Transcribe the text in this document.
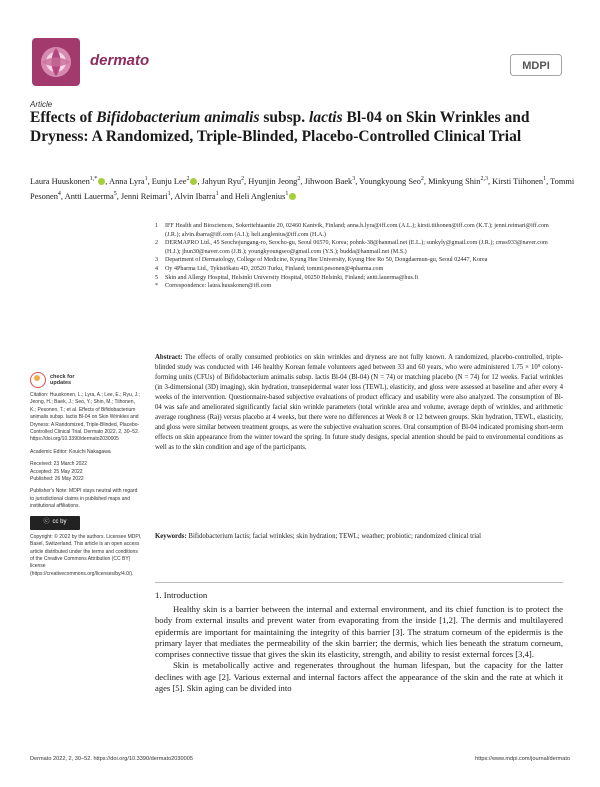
dermato	MDPI
Article
Effects of Bifidobacterium animalis subsp. lactis Bl-04 on Skin Wrinkles and Dryness: A Randomized, Triple-Blinded, Placebo-Controlled Clinical Trial
Laura Huuskonen$^{1,*}$ , Anna Lyra$^1$, Eunju Lee$^2$ , Jahyun Ryu$^2$, Hyunjin Jeong$^2$, Jihwoon Baek$^3$, Youngkyoung Seo$^2$, Minkyung Shin$^{2,3}$, Kirsti Tiihonen$^1$, Tommi Pesonen$^4$, Antti Lauerma$^5$, Jenni Reimari$^1$, Alvin Ibarra$^1$ and Heli Anglenius$^1$
1 IFF Health and Biosciences, Sokeritehtaantie 20, 02460 Kantvik, Finland; anna.h.lyra@iff.com (A.L.); kirsti.tiihonen@iff.com (K.T.); jenni.reimari@iff.com (J.R.); alvin.ibarra@iff.com (A.I.); heli.anglenius@iff.com (H.A.)
2 DERMAPRO Ltd., 45 Seochojungang-ro, Seocho-gu, Seoul 06570, Korea; pohnk-38@hanmail.net (E.L.); sunkyly@gmail.com (J.R.); cmss933@naver.com (H.J.); jhun30@naver.com (J.B.); youngkyoungseo@gmail.com (Y.S.); budda@hanmail.net (M.S.)
3 Department of Dermatology, College of Medicine, Kyung Hee University, Kyung Hee Ro 50, Dongdaemun-gu, Seoul 02447, Korea
4 Oy 4Pharma Ltd., Tykistökatu 4D, 20520 Turku, Finland; tommi.pesonen@4pharma.com
5 Skin and Allergy Hospital, Helsinki University Hospital, 00250 Helsinki, Finland; antti.lauerma@hus.fi
* Correspondence: laura.huuskonen@iff.com
check for
updates
Citation: Huuskonen, L.; Lyra, A.; Lee, E.; Ryu, J.; Jeong, H.; Baek, J.; Seo, Y.; Shin, M.; Tiihonen, K.; Pesonen, T.; et al. Effects of Bifidobacterium animalis subsp. lactis Bl-04 on Skin Wrinkles and Dryness: A Randomized, Triple-Blinded, Placebo-Controlled Clinical Trial. Dermato 2022, 2, 30–52. https://doi.org/10.3390/dermato2030005
Academic Editor: Kouichi Nakagawa
Received: 23 March 2022
Accepted: 25 May 2022
Published: 26 May 2022
Publisher's Note: MDPI stays neutral with regard to jurisdictional claims in published maps and institutional affiliations.
ⓒ cc by
Copyright: © 2022 by the authors. Licensee MDPI, Basel, Switzerland. This article is an open access article distributed under the terms and conditions of the Creative Commons Attribution (CC BY) license (https://creativecommons.org/licenses/by/4.0/).
Abstract: The effects of orally consumed probiotics on skin wrinkles and dryness are not fully known. A randomized, placebo-controlled, triple-blinded study was conducted with 146 healthy Korean female volunteers aged between 33 and 60 years, who were administered 1.75 × 10⁹ colony-forming units (CFUs) of Bifidobacterium animalis subsp. lactis Bl-04 (Bl-04) (N = 74) or matching placebo (N = 74) for 12 weeks. Facial wrinkles (in 3-dimensional (3D) imaging), skin hydration, transepidermal water loss (TEWL), elasticity, and gloss were assessed at baseline and after every 4 weeks of the intervention. Questionnaire-based subjective evaluations of product efficacy and usability were also analyzed. The consumption of Bl-04 was safe and ameliorated significantly facial skin wrinkle parameters (total wrinkle area and volume, average depth of wrinkles, and arithmetic average roughness (Ra)) versus placebo at 4 weeks, but there were no differences at Week 8 or 12 between groups. Skin hydration, TEWL, elasticity, and gloss were similar between treatment groups, as were the subjective evaluation scores. Oral consumption of Bl-04 indicated promising short-term effects on skin appearance from the winter toward the spring. In future study designs, special attention should be paid to environmental conditions as well as to the skin condition and age of the participants.
Keywords: Bifidobacterium lactis; facial wrinkles; skin hydration; TEWL; weather; probiotic; randomized clinical trial
1. Introduction

Healthy skin is a barrier between the internal and external environment, and its chief function is to protect the body from external insults and prevent water from evaporating from the inside [1,2]. The dermis and multilayered epidermis are important for maintaining the integrity of this barrier [3]. The stratum corneum of the epidermis is the primary layer that mediates the permeability of the skin barrier; the dermis, which lies beneath the stratum corneum, comprises connective tissue that gives the skin its elasticity, strength, and ability to resist external forces [3,4].

Skin is metabolically active and regenerates throughout the human lifespan, but the capacity for the latter declines with age [2]. Various external and internal factors affect the appearance of the skin and the rate at which it ages [5]. Skin aging can be divided into

Dermato 2022, 2, 30–52. https://doi.org/10.3390/dermato2030005	https://www.mdpi.com/journal/dermato
